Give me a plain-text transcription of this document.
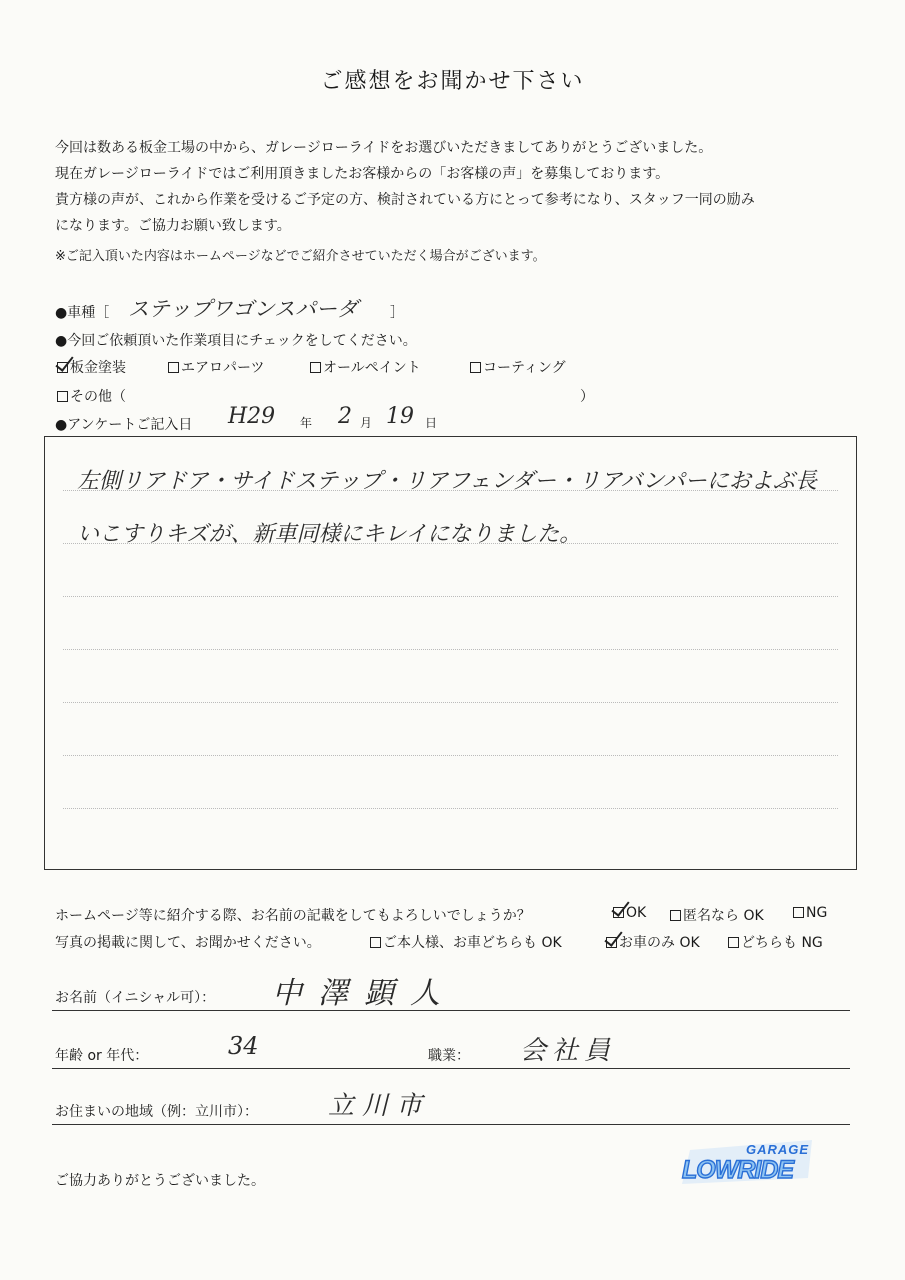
ご感想をお聞かせ下さい
今回は数ある板金工場の中から、ガレージローライドをお選びいただきましてありがとうございました。
現在ガレージローライドではご利用頂きましたお客様からの「お客様の声」を募集しております。
貴方様の声が、これから作業を受けるご予定の方、検討されている方にとって参考になり、スタッフ一同の励み
になります。ご協力お願い致します。
※ご記入頂いた内容はホームページなどでご紹介させていただく場合がございます。
●車種［ ステップワゴンスパーダ ］
●今回ご依頼頂いた作業項目にチェックをしてください。
板金塗装	エアロパーツ	オールペイント	コーティング
その他（	）
●アンケートご記入日 H29 年 2 月 19 日
左側リアドア・サイドステップ・リアフェンダー・リアバンパーにおよぶ長いこすりキズが、新車同様にキレイになりました。
ホームページ等に紹介する際、お名前の記載をしてもよろしいでしょうか？	OK	匿名なら OK	NG
写真の掲載に関して、お聞かせください。	ご本人様、お車どちらも OK	お車のみ OK	どちらも NG
お名前（イニシャル可）： 中澤顕人
年齢 or 年代：	34	職業： 会社員
お住まいの地域（例：立川市）：	立川市
ご協力ありがとうございました。
GARAGE
LOWRIDE
